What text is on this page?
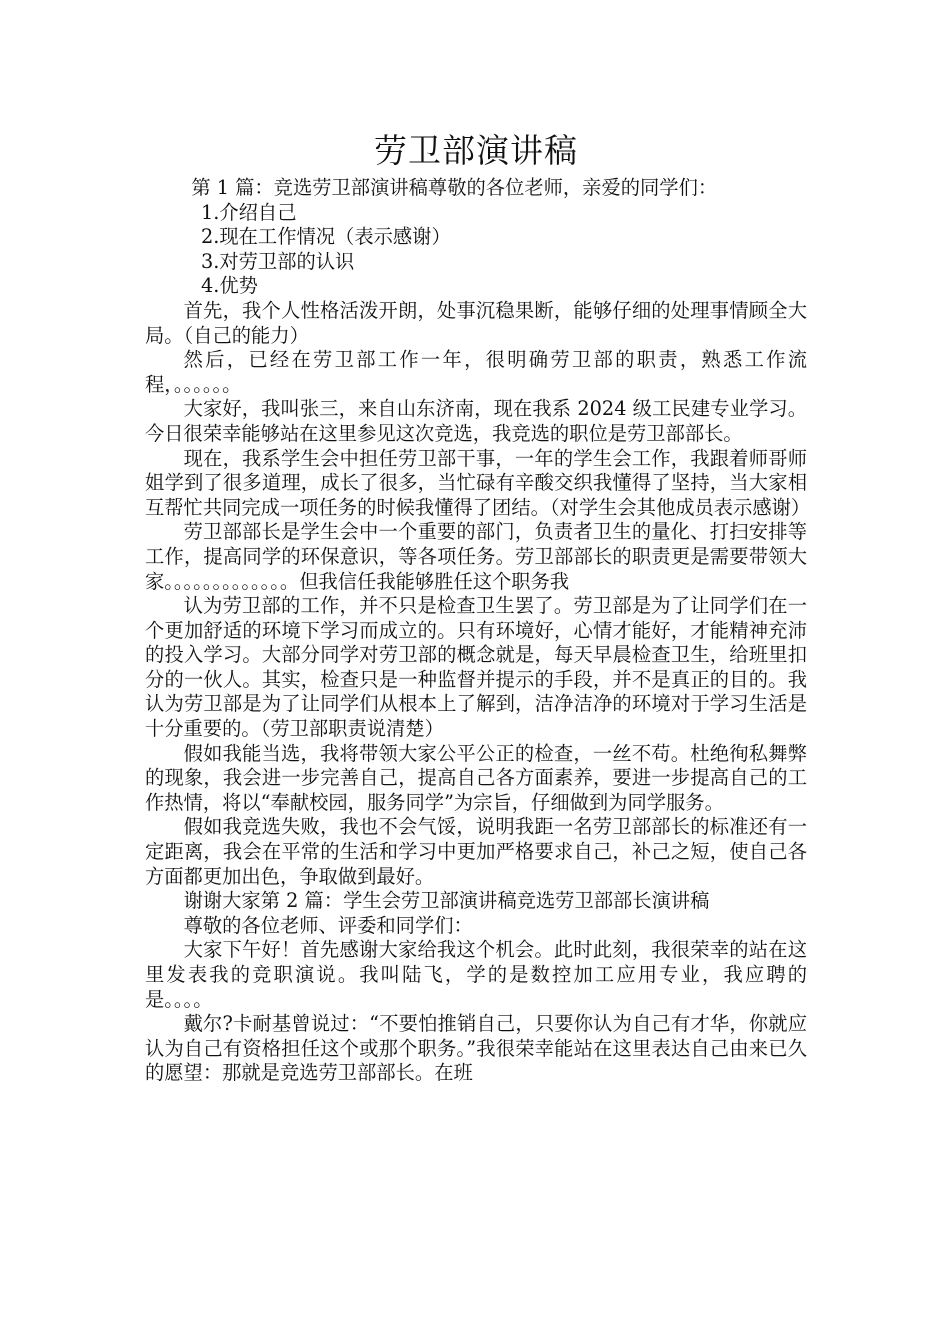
劳卫部演讲稿

第 1 篇：竞选劳卫部演讲稿尊敬的各位老师，亲爱的同学们：

1.介绍自己

2.现在工作情况（表示感谢）

3.对劳卫部的认识

4.优势

首先，我个人性格活泼开朗，处事沉稳果断，能够仔细的处理事情顾全大局。（自己的能力）

然后，已经在劳卫部工作一年，很明确劳卫部的职责，熟悉工作流程，。。。。。。

大家好，我叫张三，来自山东济南，现在我系 2024 级工民建专业学习。今日很荣幸能够站在这里参见这次竞选，我竞选的职位是劳卫部部长。

现在，我系学生会中担任劳卫部干事，一年的学生会工作，我跟着师哥师姐学到了很多道理，成长了很多，当忙碌有辛酸交织我懂得了坚持，当大家相互帮忙共同完成一项任务的时候我懂得了团结。（对学生会其他成员表示感谢）

劳卫部部长是学生会中一个重要的部门，负责者卫生的量化、打扫安排等工作，提高同学的环保意识，等各项任务。劳卫部部长的职责更是需要带领大家。。。。。。。。。。。。。但我信任我能够胜任这个职务我

认为劳卫部的工作，并不只是检查卫生罢了。劳卫部是为了让同学们在一个更加舒适的环境下学习而成立的。只有环境好，心情才能好，才能精神充沛的投入学习。大部分同学对劳卫部的概念就是，每天早晨检查卫生，给班里扣分的一伙人。其实，检查只是一种监督并提示的手段，并不是真正的目的。我认为劳卫部是为了让同学们从根本上了解到，洁净洁净的环境对于学习生活是十分重要的。（劳卫部职责说清楚）

假如我能当选，我将带领大家公平公正的检查，一丝不苟。杜绝徇私舞弊的现象，我会进一步完善自己，提高自己各方面素养，要进一步提高自己的工作热情，将以“奉献校园，服务同学”为宗旨，仔细做到为同学服务。

假如我竞选失败，我也不会气馁，说明我距一名劳卫部部长的标准还有一定距离，我会在平常的生活和学习中更加严格要求自己，补己之短，使自己各方面都更加出色，争取做到最好。

谢谢大家第 2 篇：学生会劳卫部演讲稿竞选劳卫部部长演讲稿

尊敬的各位老师、评委和同学们：

大家下午好！首先感谢大家给我这个机会。此时此刻，我很荣幸的站在这里发表我的竞职演说。我叫陆飞，学的是数控加工应用专业，我应聘的是。。。。

戴尔?卡耐基曾说过：“不要怕推销自己，只要你认为自己有才华，你就应认为自己有资格担任这个或那个职务。”我很荣幸能站在这里表达自己由来已久的愿望：那就是竞选劳卫部部长。在班
